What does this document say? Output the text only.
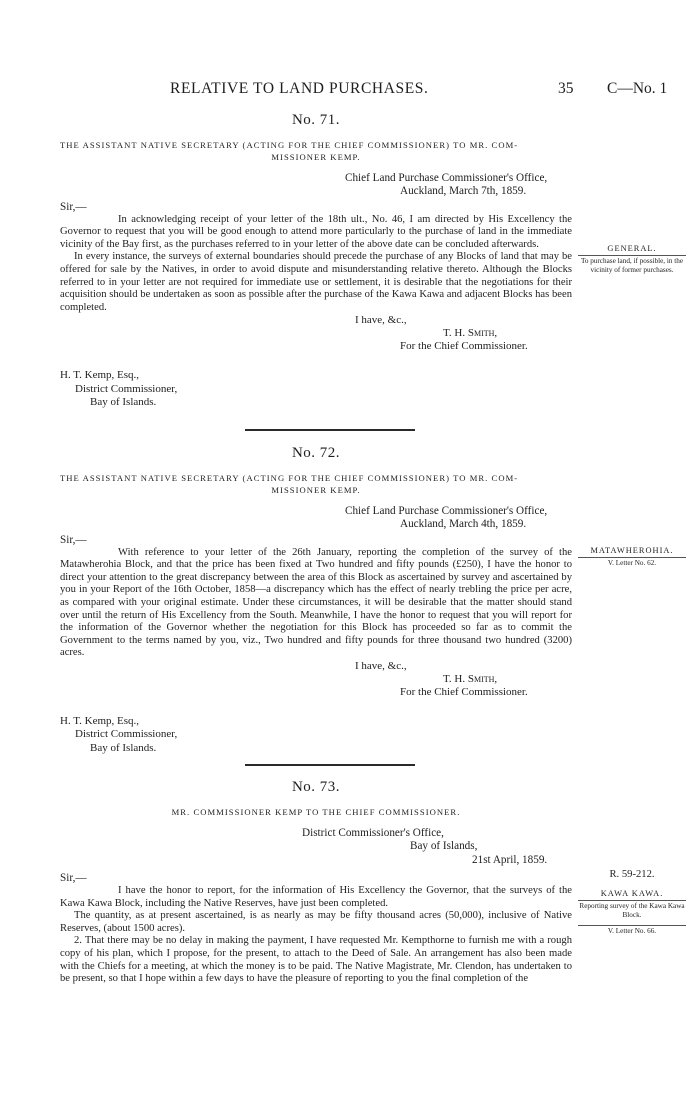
RELATIVE TO LAND PURCHASES.	35 C—No. 1
No. 71.
THE ASSISTANT NATIVE SECRETARY (ACTING FOR THE CHIEF COMMISSIONER) TO MR. COM-
MISSIONER KEMP.
Chief Land Purchase Commissioner's Office,
Auckland, March 7th, 1859.
Sir,—

In acknowledging receipt of your letter of the 18th ult., No. 46, I am directed by His Excellency the Governor to request that you will be good enough to attend more particularly to the purchase of land in the immediate vicinity of the Bay first, as the purchases referred to in your letter of the above date can be concluded afterwards.

In every instance, the surveys of external boundaries should precede the purchase of any Blocks of land that may be offered for sale by the Natives, in order to avoid dispute and misunderstanding relative thereto. Although the Blocks referred to in your letter are not required for immediate use or settlement, it is desirable that the negotiations for their acquisition should be undertaken as soon as possible after the purchase of the Kawa Kawa and adjacent Blocks has been completed.

I have, &c.,
T. H. Smith,
For the Chief Commissioner.
H. T. Kemp, Esq.,
District Commissioner,
Bay of Islands.
No. 72.
THE ASSISTANT NATIVE SECRETARY (ACTING FOR THE CHIEF COMMISSIONER) TO MR. COM-
MISSIONER KEMP.
Chief Land Purchase Commissioner's Office,
Auckland, March 4th, 1859.
Sir,—

With reference to your letter of the 26th January, reporting the completion of the survey of the Matawherohia Block, and that the price has been fixed at Two hundred and fifty pounds (£250), I have the honor to direct your attention to the great discrepancy between the area of this Block as ascertained by survey and ascertained by you in your Report of the 16th October, 1858—a discrepancy which has the effect of nearly trebling the price per acre, as compared with your original estimate. Under these circumstances, it will be desirable that the matter should stand over until the return of His Excellency from the South. Meanwhile, I have the honor to request that you will report for the information of the Governor whether the negotiation for this Block has proceeded so far as to commit the Government to the terms named by you, viz., Two hundred and fifty pounds for three thousand two hundred (3200) acres.

I have, &c.,
T. H. Smith,
For the Chief Commissioner.
H. T. Kemp, Esq.,
District Commissioner,
Bay of Islands.
No. 73.
MR. COMMISSIONER KEMP TO THE CHIEF COMMISSIONER.
District Commissioner's Office,
Bay of Islands,
21st April, 1859.
Sir,—

I have the honor to report, for the information of His Excellency the Governor, that the surveys of the Kawa Kawa Block, including the Native Reserves, have just been completed.

The quantity, as at present ascertained, is as nearly as may be fifty thousand acres (50,000), inclusive of Native Reserves, (about 1500 acres).

2. That there may be no delay in making the payment, I have requested Mr. Kempthorne to furnish me with a rough copy of his plan, which I propose, for the present, to attach to the Deed of Sale. An arrangement has also been made with the Chiefs for a meeting, at which the money is to be paid. The Native Magistrate, Mr. Clendon, has undertaken to be present, so that I hope within a few days to have the pleasure of reporting to you the final completion of the

GENERAL.
To purchase land, if possible, in the vicinity of former purchases.
MATAWHEROHIA.
V. Letter No. 62.
R. 59-212.
KAWA KAWA.
Reporting survey of the Kawa Kawa Block.
V. Letter No. 66.
